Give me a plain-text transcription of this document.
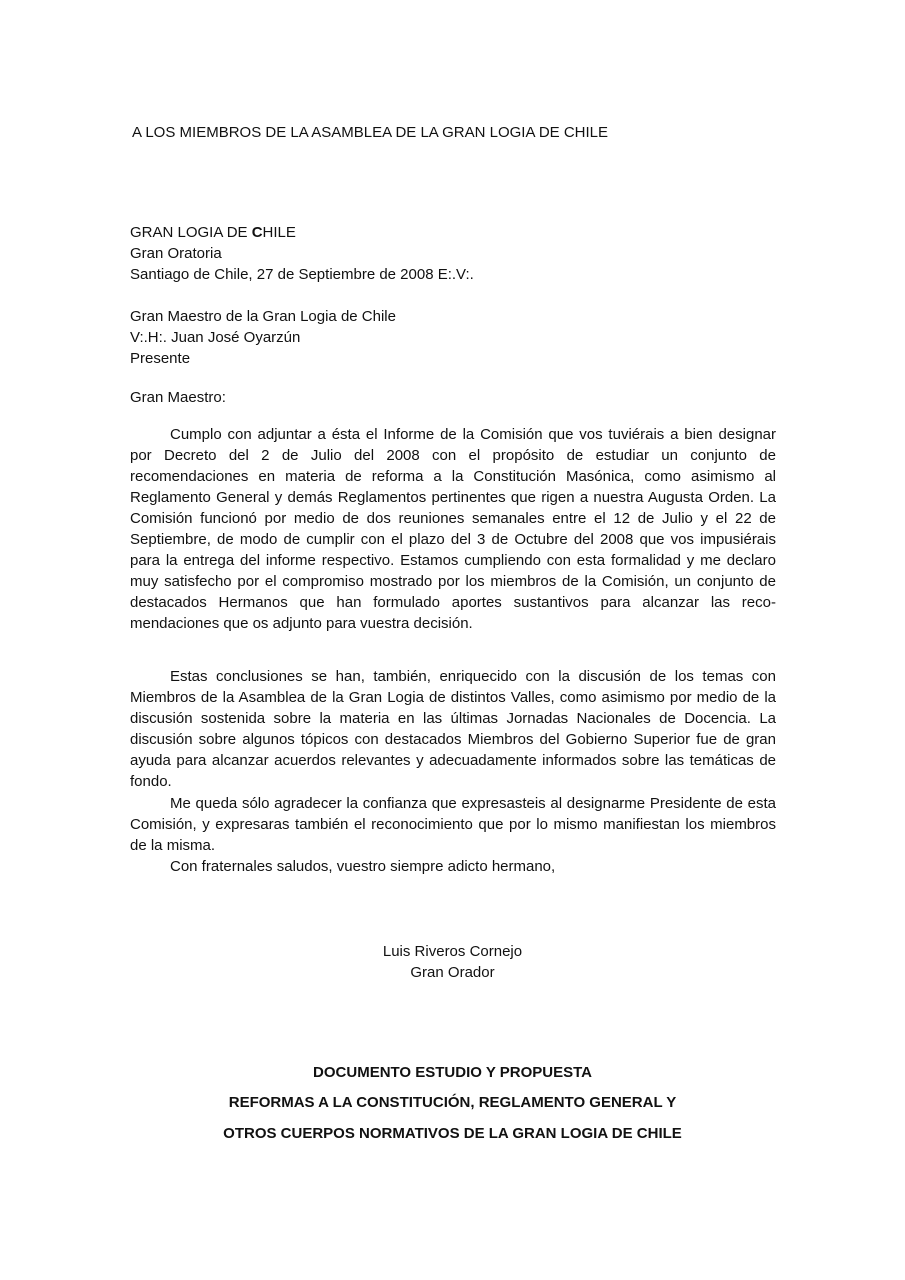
A LOS MIEMBROS DE LA ASAMBLEA DE LA GRAN LOGIA DE CHILE
GRAN LOGIA DE CHILE
Gran Oratoria
Santiago de Chile, 27 de Septiembre de 2008 E:.V:.
Gran Maestro de la Gran Logia de Chile
V:.H:. Juan José Oyarzún
Presente
Gran Maestro:
Cumplo con adjuntar a ésta el Informe de la Comisión que vos tuviérais a bien designar por Decreto del 2 de Julio del 2008 con el propósito de estudiar un conjunto de recomendaciones en materia de reforma a la Constitución Masónica, como asimismo al Reglamento General y demás Reglamentos pertinentes que rigen a nuestra Augusta Orden. La Comisión funcionó por medio de dos reuniones semanales entre el 12 de Julio y el 22 de Septiembre, de modo de cumplir con el plazo del 3 de Octubre del 2008 que vos impusiérais para la entrega del informe respectivo. Estamos cumpliendo con esta formalidad y me declaro muy satisfecho por el compromiso mostrado por los miembros de la Comisión, un conjunto de destacados Hermanos que han formulado aportes sustantivos para alcanzar las recomendaciones que os adjunto para vuestra decisión.
Estas conclusiones se han, también, enriquecido con la discusión de los temas con Miembros de la Asamblea de la Gran Logia de distintos Valles, como asimismo por medio de la discusión sostenida sobre la materia en las últimas Jornadas Nacionales de Docencia. La discusión sobre algunos tópicos con destacados Miembros del Gobierno Superior fue de gran ayuda para alcanzar acuerdos relevantes y adecuadamente informados sobre las temáticas de fondo.
Me queda sólo agradecer la confianza que expresasteis al designarme Presidente de esta Comisión, y expresaras también el reconocimiento que por lo mismo manifiestan los miembros de la misma.
Con fraternales saludos, vuestro siempre adicto hermano,
Luis Riveros Cornejo
Gran Orador
DOCUMENTO ESTUDIO Y PROPUESTA
REFORMAS A LA CONSTITUCIÓN, REGLAMENTO GENERAL Y
OTROS CUERPOS NORMATIVOS DE LA GRAN LOGIA DE CHILE
